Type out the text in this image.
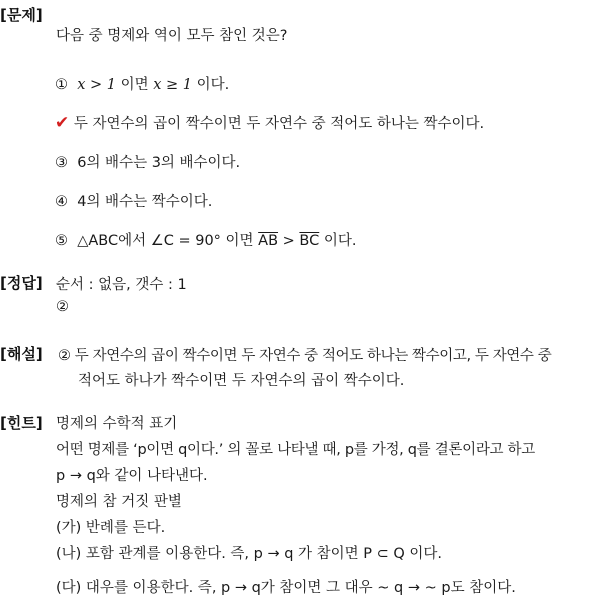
[문제]
다음 중 명제와 역이 모두 참인 것은?
① x > 1 이면 x ≥ 1 이다.
✔ 두 자연수의 곱이 짝수이면 두 자연수 중 적어도 하나는 짝수이다.
③ 6의 배수는 3의 배수이다.
④ 4의 배수는 짝수이다.
⑤ △ABC에서 ∠C = 90° 이면 $\overline{AB} > \overline{BC}$ 이다.
[정답] 순서 : 없음, 갯수 : 1
②
[해설] ② 두 자연수의 곱이 짝수이면 두 자연수 중 적어도 하나는 짝수이고, 두 자연수 중
적어도 하나가 짝수이면 두 자연수의 곱이 짝수이다.
[힌트] 명제의 수학적 표기
어떤 명제를 ‘p이면 q이다.’ 의 꼴로 나타낼 때, p를 가정, q를 결론이라고 하고
p → q와 같이 나타낸다.
명제의 참 거짓 판별
(가) 반례를 든다.
(나) 포함 관계를 이용한다. 즉, p → q 가 참이면 P ⊂ Q 이다.
(다) 대우를 이용한다. 즉, p → q가 참이면 그 대우 ~ q → ~ p도 참이다.
